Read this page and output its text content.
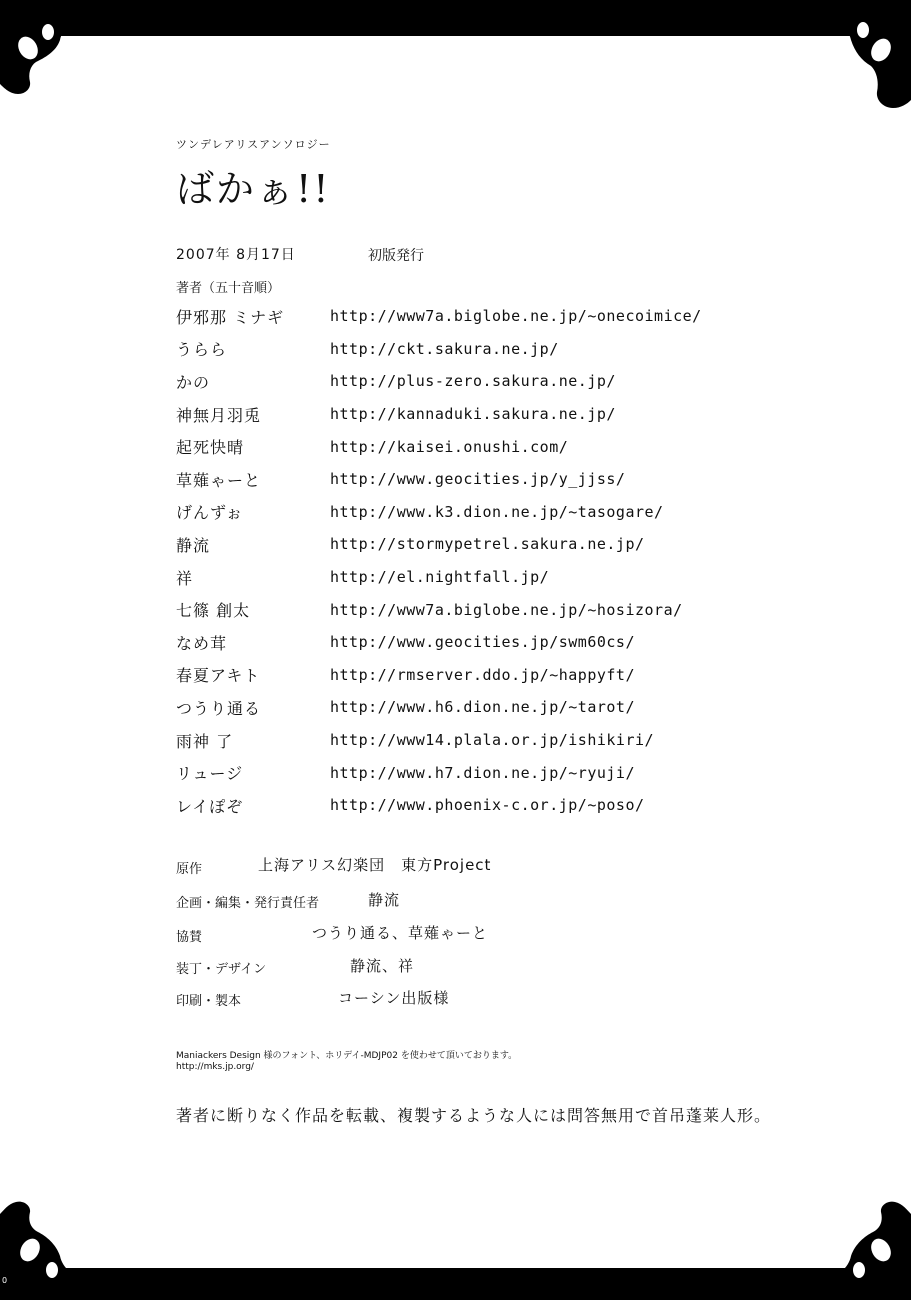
ツンデレアリスアンソロジー
ばかぁ!!
2007年 8月17日	初版発行
著者（五十音順）
伊邪那 ミナギ	http://www7a.biglobe.ne.jp/~onecoimice/
うらら	http://ckt.sakura.ne.jp/
かの	http://plus-zero.sakura.ne.jp/
神無月羽兎	http://kannaduki.sakura.ne.jp/
起死快晴	http://kaisei.onushi.com/
草薙ゃーと	http://www.geocities.jp/y_jjss/
げんずぉ	http://www.k3.dion.ne.jp/~tasogare/
静流	http://stormypetrel.sakura.ne.jp/
祥	http://el.nightfall.jp/
七篠 創太	http://www7a.biglobe.ne.jp/~hosizora/
なめ茸	http://www.geocities.jp/swm60cs/
春夏アキト	http://rmserver.ddo.jp/~happyft/
つうり通る	http://www.h6.dion.ne.jp/~tarot/
雨神 了	http://www14.plala.or.jp/ishikiri/
リュージ	http://www.h7.dion.ne.jp/~ryuji/
レイぽぞ	http://www.phoenix-c.or.jp/~poso/
原作	上海アリス幻楽団　東方Project
企画・編集・発行責任者	静流
協賛	つうり通る、草薙ゃーと
装丁・デザイン	静流、祥
印刷・製本	コーシン出版様
Maniackers Design 様のフォント、ホリデイ-MDJP02 を使わせて頂いております。
http://mks.jp.org/
著者に断りなく作品を転載、複製するような人には問答無用で首吊蓬莱人形。
0
